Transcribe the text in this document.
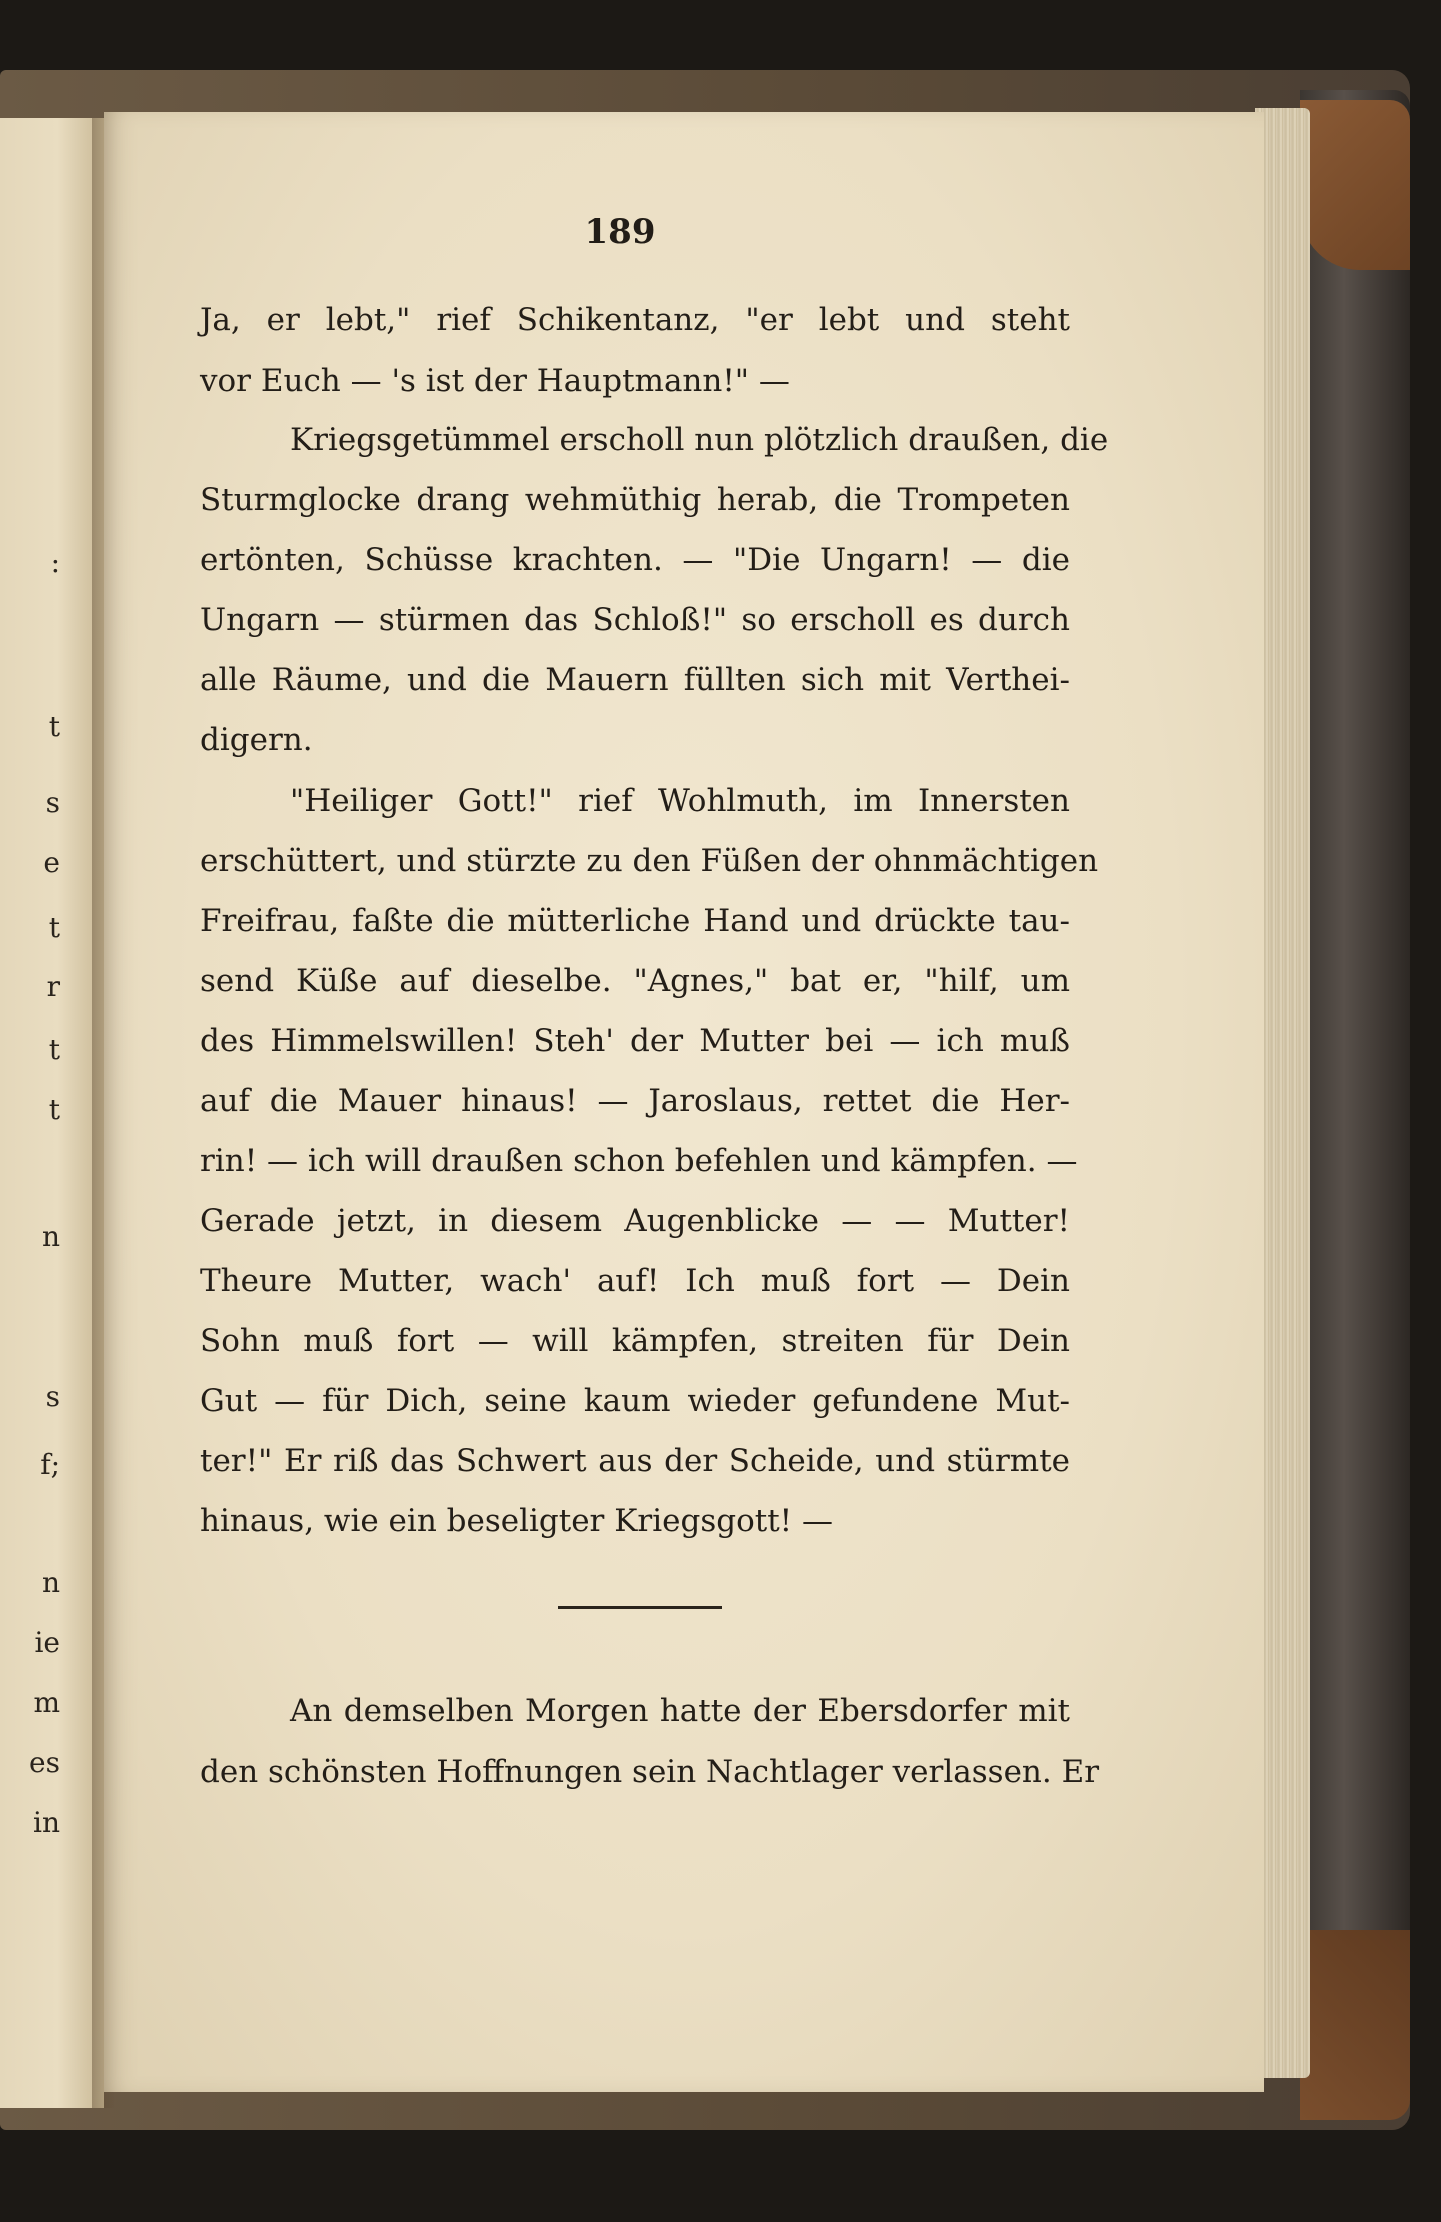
:
t
s
e
t
r
t
t
n
s
f;
n
ie
m
es
in
189
Ja, er lebt," rief Schikentanz, "er lebt und steht
vor Euch — 's ist der Hauptmann!" —
Kriegsgetümmel erscholl nun plötzlich draußen, die
Sturmglocke drang wehmüthig herab, die Trompeten
ertönten, Schüsse krachten. — "Die Ungarn! — die
Ungarn — stürmen das Schloß!" so erscholl es durch
alle Räume, und die Mauern füllten sich mit Verthei-
digern.
"Heiliger Gott!" rief Wohlmuth, im Innersten
erschüttert, und stürzte zu den Füßen der ohnmächtigen
Freifrau, faßte die mütterliche Hand und drückte tau-
send Küße auf dieselbe. "Agnes," bat er, "hilf, um
des Himmelswillen! Steh' der Mutter bei — ich muß
auf die Mauer hinaus! — Jaroslaus, rettet die Her-
rin! — ich will draußen schon befehlen und kämpfen. —
Gerade jetzt, in diesem Augenblicke — — Mutter!
Theure Mutter, wach' auf! Ich muß fort — Dein
Sohn muß fort — will kämpfen, streiten für Dein
Gut — für Dich, seine kaum wieder gefundene Mut-
ter!" Er riß das Schwert aus der Scheide, und stürmte
hinaus, wie ein beseligter Kriegsgott! —
An demselben Morgen hatte der Ebersdorfer mit
den schönsten Hoffnungen sein Nachtlager verlassen. Er
